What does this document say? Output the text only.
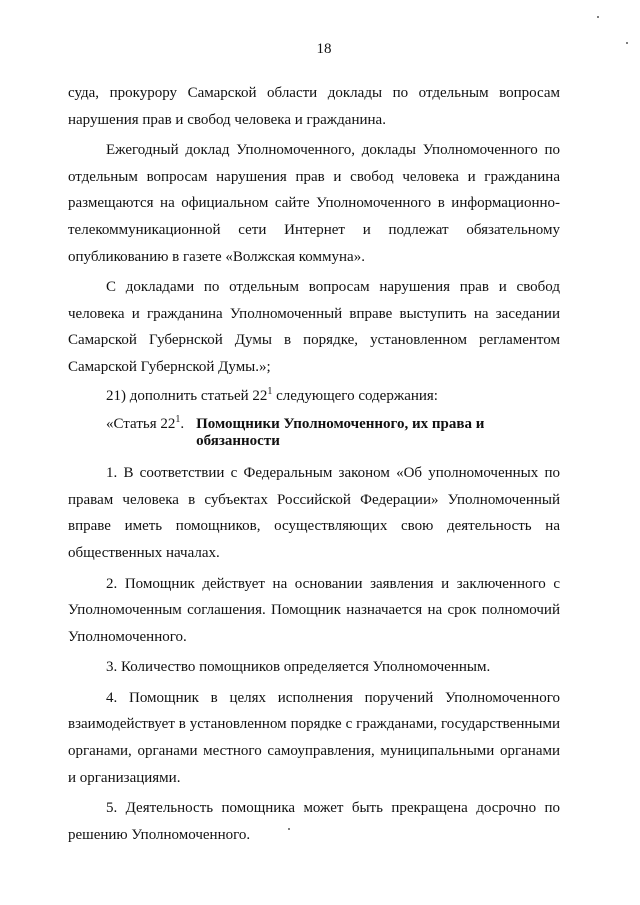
18

суда, прокурору Самарской области доклады по отдельным вопросам нарушения прав и свобод человека и гражданина.

Ежегодный доклад Уполномоченного, доклады Уполномоченного по отдельным вопросам нарушения прав и свобод человека и гражданина размещаются на официальном сайте Уполномоченного в информационно-телекоммуникационной сети Интернет и подлежат обязательному опубликованию в газете «Волжская коммуна».

С докладами по отдельным вопросам нарушения прав и свобод человека и гражданина Уполномоченный вправе выступить на заседании Самарской Губернской Думы в порядке, установленном регламентом Самарской Губернской Думы.»;

21) дополнить статьей $22^1$ следующего содержания:

«Статья $22^1$. Помощники Уполномоченного, их права и обязанности

1. В соответствии с Федеральным законом «Об уполномоченных по правам человека в субъектах Российской Федерации» Уполномоченный вправе иметь помощников, осуществляющих свою деятельность на общественных началах.

2. Помощник действует на основании заявления и заключенного с Уполномоченным соглашения. Помощник назначается на срок полномочий Уполномоченного.

3. Количество помощников определяется Уполномоченным.

4. Помощник в целях исполнения поручений Уполномоченного взаимодействует в установленном порядке с гражданами, государственными органами, органами местного самоуправления, муниципальными органами и организациями.

5. Деятельность помощника может быть прекращена досрочно по решению Уполномоченного.
